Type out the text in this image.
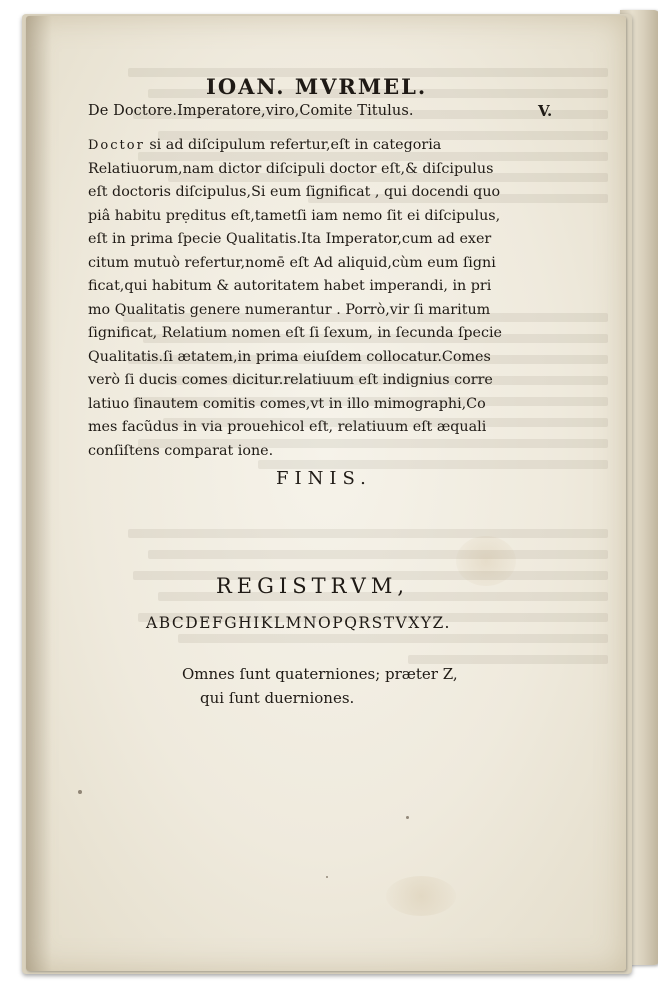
IOAN. MVRMEL.
De Doctore.Imperatore,viro,Comite Titulus.	V.
Doctor si ad diſcipulum refertur,eſt in categoria
Relatiuorum,nam dictor diſcipuli doctor eſt,& diſcipulus
eſt doctoris diſcipulus,Si eum ſignificat , qui docendi quo
piâ habitu prẹditus eſt,tametſi iam nemo ſit ei diſcipulus,
eſt in prima ſpecie Qualitatis.Ita Imperator,cum ad exer
citum mutuò refertur,nomē eſt Ad aliquid,cùm eum ſigni
ficat,qui habitum & autoritatem habet imperandi, in pri
mo Qualitatis genere numerantur . Porrò,vir ſi maritum
ſignificat, Relatium nomen eſt ſi ſexum, in ſecunda ſpecie
Qualitatis.ſi ætatem,in prima eiuſdem collocatur.Comes
verò ſi ducis comes dicitur.relatiuum eſt indignius corre
latiuo ſinautem comitis comes,vt in illo mimographi,Co
mes facũdus in via prouehicol eſt, relatiuum eſt æquali
conſiſtens comparat ione.
FINIS.
REGISTRVM,
ABCDEFGHIKLMNOPQRSTVXYZ.
Omnes ſunt quaterniones; præter Z,
qui ſunt duerniones.
